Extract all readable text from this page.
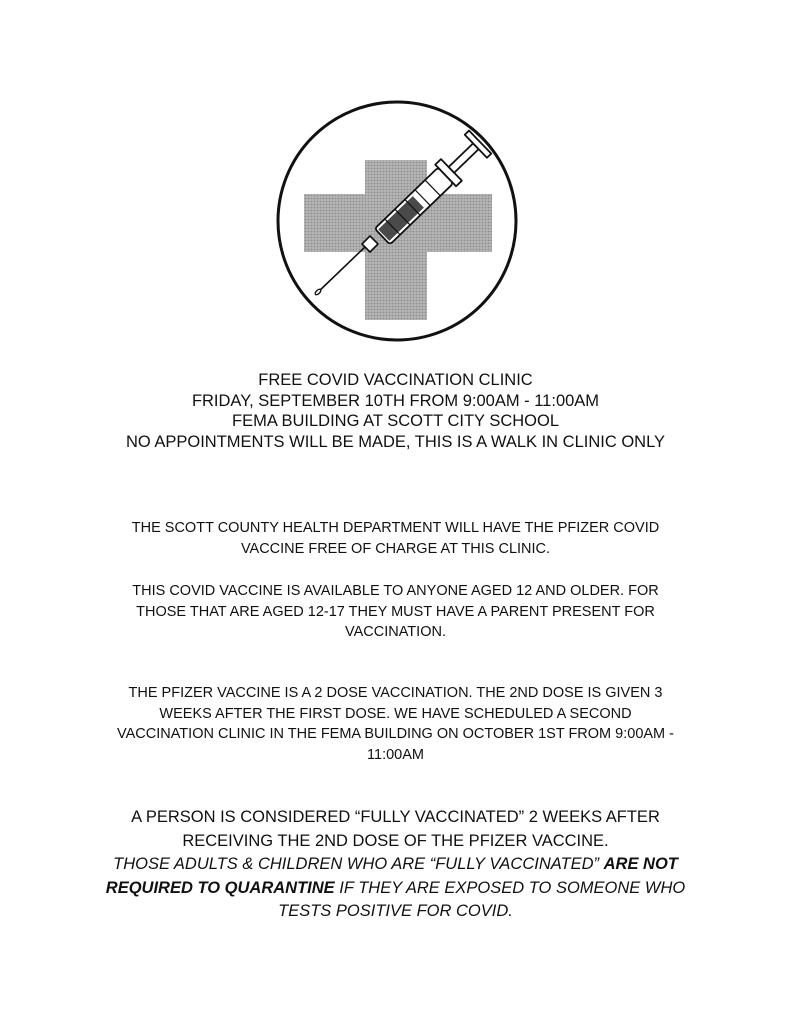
FREE COVID VACCINATION CLINIC
FRIDAY, SEPTEMBER 10TH FROM 9:00AM - 11:00AM
FEMA BUILDING AT SCOTT CITY SCHOOL
NO APPOINTMENTS WILL BE MADE, THIS IS A WALK IN CLINIC ONLY
THE SCOTT COUNTY HEALTH DEPARTMENT WILL HAVE THE PFIZER COVID
VACCINE FREE OF CHARGE AT THIS CLINIC.
THIS COVID VACCINE IS AVAILABLE TO ANYONE AGED 12 AND OLDER. FOR
THOSE THAT ARE AGED 12-17 THEY MUST HAVE A PARENT PRESENT FOR
VACCINATION.
THE PFIZER VACCINE IS A 2 DOSE VACCINATION. THE 2ND DOSE IS GIVEN 3
WEEKS AFTER THE FIRST DOSE. WE HAVE SCHEDULED A SECOND
VACCINATION CLINIC IN THE FEMA BUILDING ON OCTOBER 1ST FROM 9:00AM -
11:00AM
A PERSON IS CONSIDERED “FULLY VACCINATED” 2 WEEKS AFTER
RECEIVING THE 2ND DOSE OF THE PFIZER VACCINE.
THOSE ADULTS & CHILDREN WHO ARE “FULLY VACCINATED” ARE NOT
REQUIRED TO QUARANTINE IF THEY ARE EXPOSED TO SOMEONE WHO
TESTS POSITIVE FOR COVID.
